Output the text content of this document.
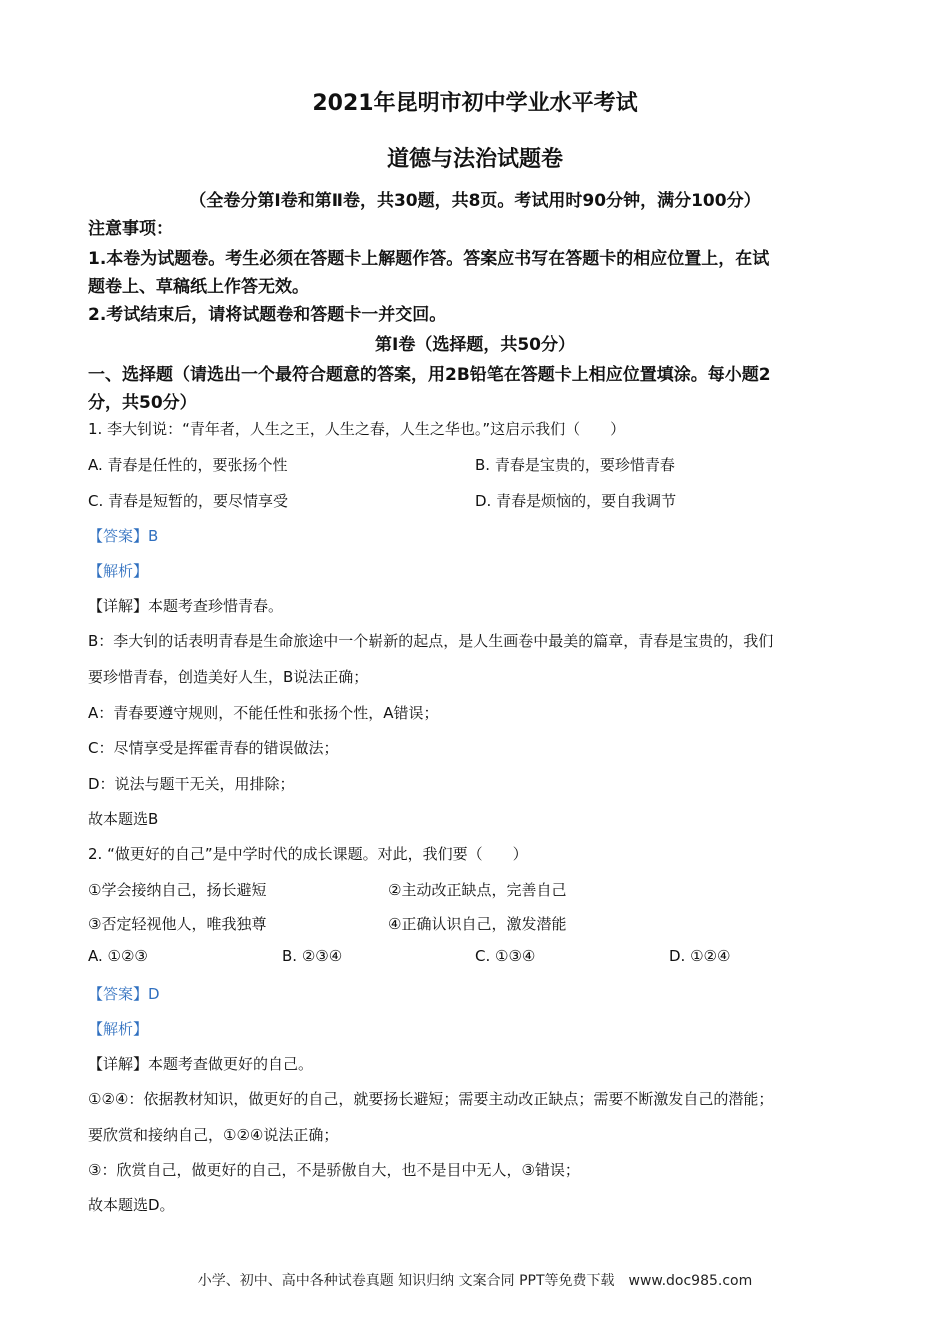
2021年昆明市初中学业水平考试
道德与法治试题卷
（全卷分第Ⅰ卷和第Ⅱ卷，共30题，共8页。考试用时90分钟，满分100分）
注意事项：
1.本卷为试题卷。考生必须在答题卡上解题作答。答案应书写在答题卡的相应位置上，在试
题卷上、草稿纸上作答无效。
2.考试结束后，请将试题卷和答题卡一并交回。
第Ⅰ卷（选择题，共50分）
一、选择题（请选出一个最符合题意的答案，用2B铅笔在答题卡上相应位置填涂。每小题2
分，共50分）
1. 李大钊说：“青年者，人生之王，人生之春，人生之华也。”这启示我们（　　）
A. 青春是任性的，要张扬个性	B. 青春是宝贵的，要珍惜青春
C. 青春是短暂的，要尽情享受	D. 青春是烦恼的，要自我调节
【答案】B
【解析】
【详解】本题考查珍惜青春。
B：李大钊的话表明青春是生命旅途中一个崭新的起点，是人生画卷中最美的篇章，青春是宝贵的，我们
要珍惜青春，创造美好人生，B说法正确；
A：青春要遵守规则，不能任性和张扬个性，A错误；
C：尽情享受是挥霍青春的错误做法；
D：说法与题干无关，用排除；
故本题选B
2. “做更好的自己”是中学时代的成长课题。对此，我们要（　　）
①学会接纳自己，扬长避短	②主动改正缺点，完善自己
③否定轻视他人，唯我独尊	④正确认识自己，激发潜能
A. ①②③	B. ②③④	C. ①③④	D. ①②④
【答案】D
【解析】
【详解】本题考查做更好的自己。
①②④：依据教材知识，做更好的自己，就要扬长避短；需要主动改正缺点；需要不断激发自己的潜能；
要欣赏和接纳自己，①②④说法正确；
③：欣赏自己，做更好的自己，不是骄傲自大，也不是目中无人，③错误；
故本题选D。
小学、初中、高中各种试卷真题 知识归纳 文案合同 PPT等免费下载　www.doc985.com
